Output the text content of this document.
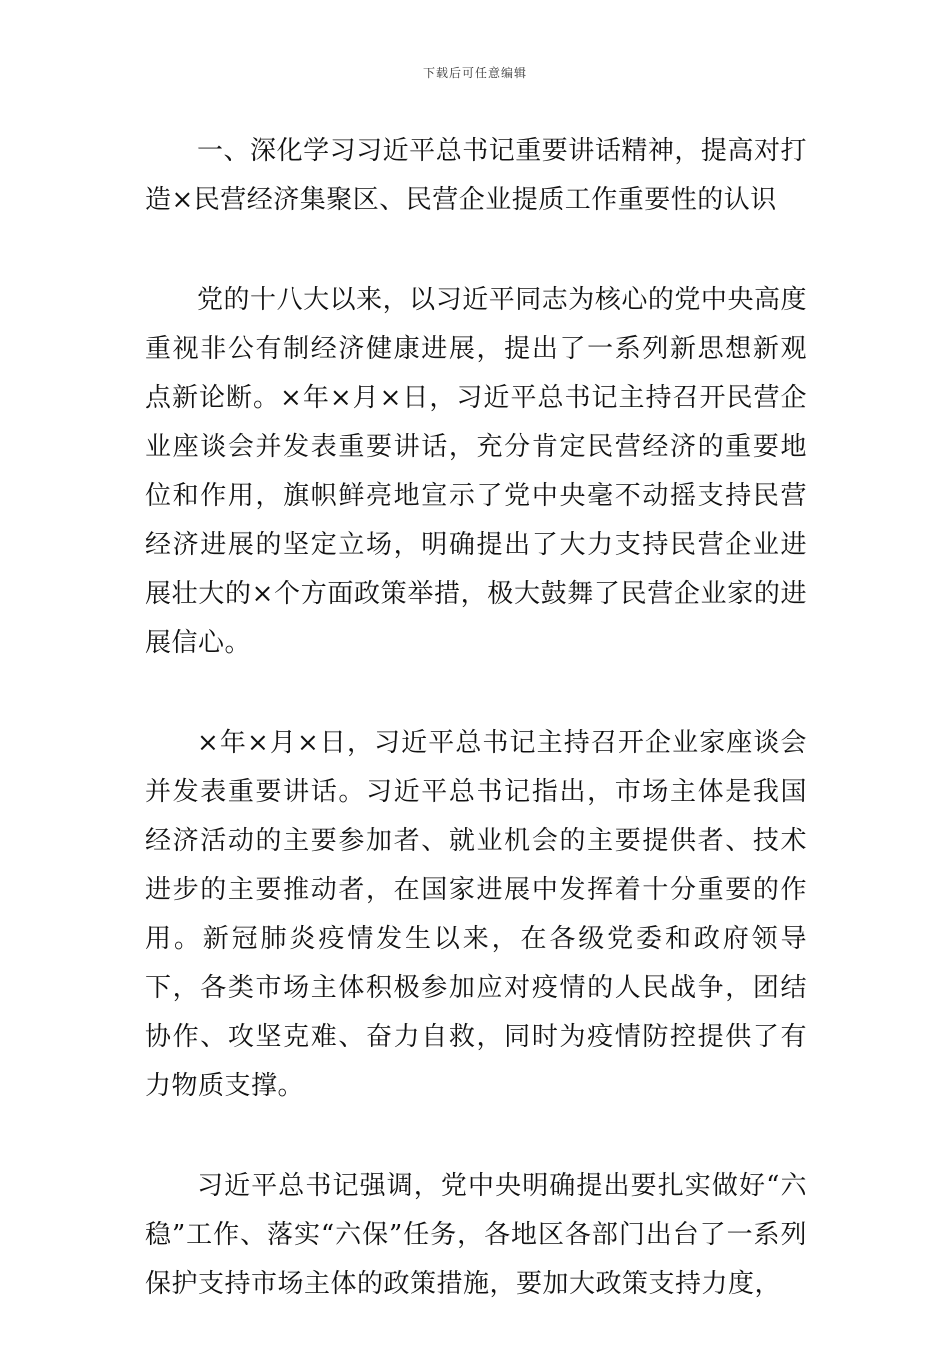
下载后可任意编辑

一、深化学习习近平总书记重要讲话精神，提高对打造×民营经济集聚区、民营企业提质工作重要性的认识

党的十八大以来，以习近平同志为核心的党中央高度重视非公有制经济健康进展，提出了一系列新思想新观点新论断。×年×月×日，习近平总书记主持召开民营企业座谈会并发表重要讲话，充分肯定民营经济的重要地位和作用，旗帜鲜亮地宣示了党中央毫不动摇支持民营经济进展的坚定立场，明确提出了大力支持民营企业进展壮大的×个方面政策举措，极大鼓舞了民营企业家的进展信心。

×年×月×日，习近平总书记主持召开企业家座谈会并发表重要讲话。习近平总书记指出，市场主体是我国经济活动的主要参加者、就业机会的主要提供者、技术进步的主要推动者，在国家进展中发挥着十分重要的作用。新冠肺炎疫情发生以来，在各级党委和政府领导下，各类市场主体积极参加应对疫情的人民战争，团结协作、攻坚克难、奋力自救，同时为疫情防控提供了有力物质支撑。

习近平总书记强调，党中央明确提出要扎实做好“六稳”工作、落实“六保”任务，各地区各部门出台了一系列保护支持市场主体的政策措施，要加大政策支持力度，
